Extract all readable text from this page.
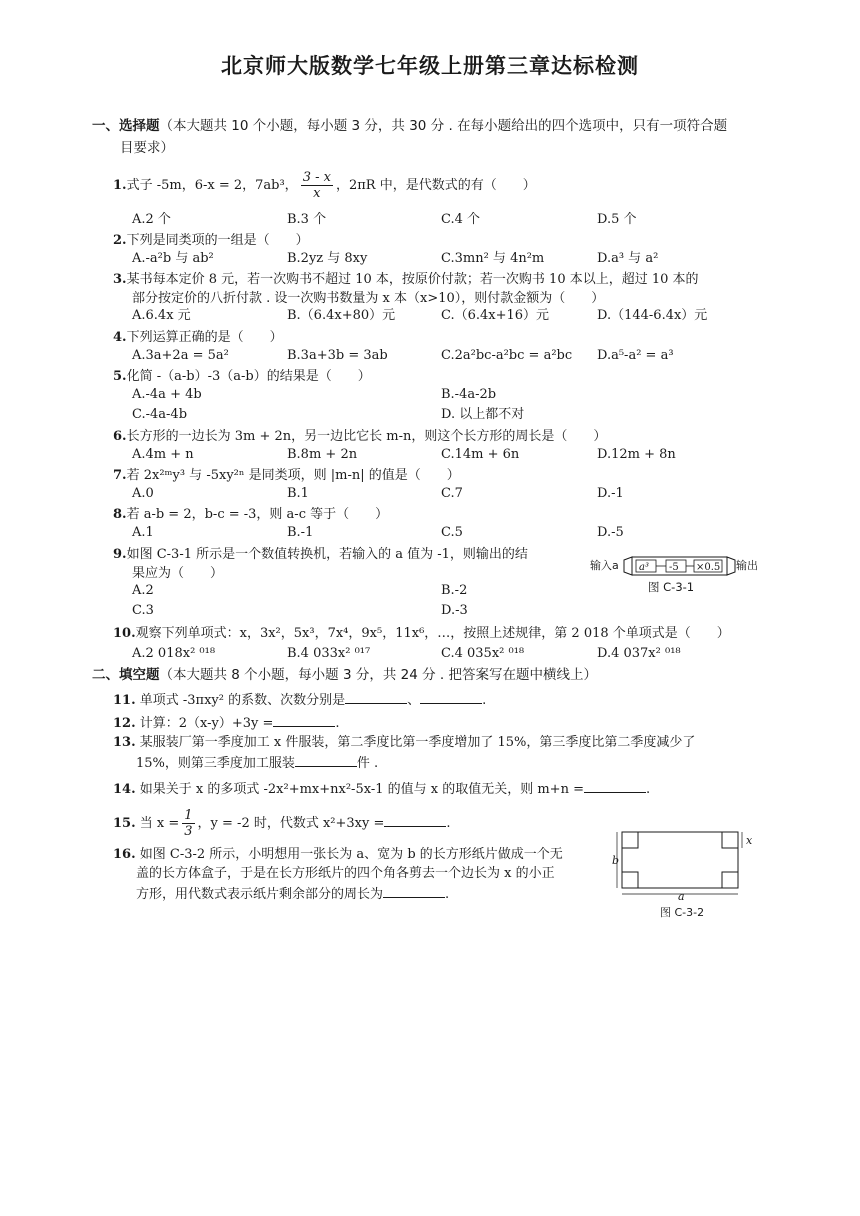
北京师大版数学七年级上册第三章达标检测
一、选择题（本大题共 10 个小题，每小题 3 分，共 30 分 . 在每小题给出的四个选项中，只有一项符合题
目要求）
1.式子 -5m，6-x = 2，7ab³， $\frac{3 - x}{x}$ ，2πR 中，是代数式的有（　　）
A.2 个	B.3 个	C.4 个	D.5 个
2.下列是同类项的一组是（　　）
A.-a²b 与 ab²	B.2yz 与 8xy	C.3mn² 与 4n²m	D.a³ 与 a²
3.某书每本定价 8 元，若一次购书不超过 10 本，按原价付款；若一次购书 10 本以上，超过 10 本的
部分按定价的八折付款 . 设一次购书数量为 x 本（x>10），则付款金额为（　　）
A.6.4x 元	B.（6.4x+80）元	C.（6.4x+16）元	D.（144-6.4x）元
4.下列运算正确的是（　　）
A.3a+2a = 5a²	B.3a+3b = 3ab	C.2a²bc-a²bc = a²bc D.a⁵-a² = a³
5.化简 -（a-b）-3（a-b）的结果是（　　）
A.-4a + 4b	B.-4a-2b
C.-4a-4b	D. 以上都不对
6.长方形的一边长为 3m + 2n，另一边比它长 m-n，则这个长方形的周长是（　　）
A.4m + n	B.8m + 2n	C.14m + 6n	D.12m + 8n
7.若 2x²ᵐy³ 与 -5xy²ⁿ 是同类项，则 |m-n| 的值是（　　）
A.0	B.1	C.7	D.-1
8.若 a-b = 2，b-c = -3，则 a-c 等于（　　）
A.1	B.-1	C.5	D.-5
9.如图 C-3-1 所示是一个数值转换机，若输入的 a 值为 -1，则输出的结
果应为（　　）
A.2	B.-2
C.3	D.-3
输入a a³ -5 ×0.5 输出
图 C-3-1
10.观察下列单项式：x，3x²，5x³，7x⁴，9x⁵，11x⁶，…，按照上述规律，第 2 018 个单项式是（　　）
A.2 018x² ⁰¹⁸	B.4 033x² ⁰¹⁷	C.4 035x² ⁰¹⁸	D.4 037x² ⁰¹⁸
二、填空题（本大题共 8 个小题，每小题 3 分，共 24 分 . 把答案写在题中横线上）
11. 单项式 -3πxy² 的系数、次数分别是	、	.
12. 计算：2（x-y）+3y =	.
13. 某服装厂第一季度加工 x 件服装，第二季度比第一季度增加了 15%，第三季度比第二季度减少了
15%，则第三季度加工服装	件 .
14. 如果关于 x 的多项式 -2x²+mx+nx²-5x-1 的值与 x 的取值无关，则 m+n =	.
15. 当 $x = \frac{1}{3}$ ，y = -2 时，代数式 x²+3xy =	.
16. 如图 C-3-2 所示，小明想用一张长为 a、宽为 b 的长方形纸片做成一个无
盖的长方体盒子，于是在长方形纸片的四个角各剪去一个边长为 x 的小正
方形，用代数式表示纸片剩余部分的周长为	.
b
a
x
图 C-3-2
